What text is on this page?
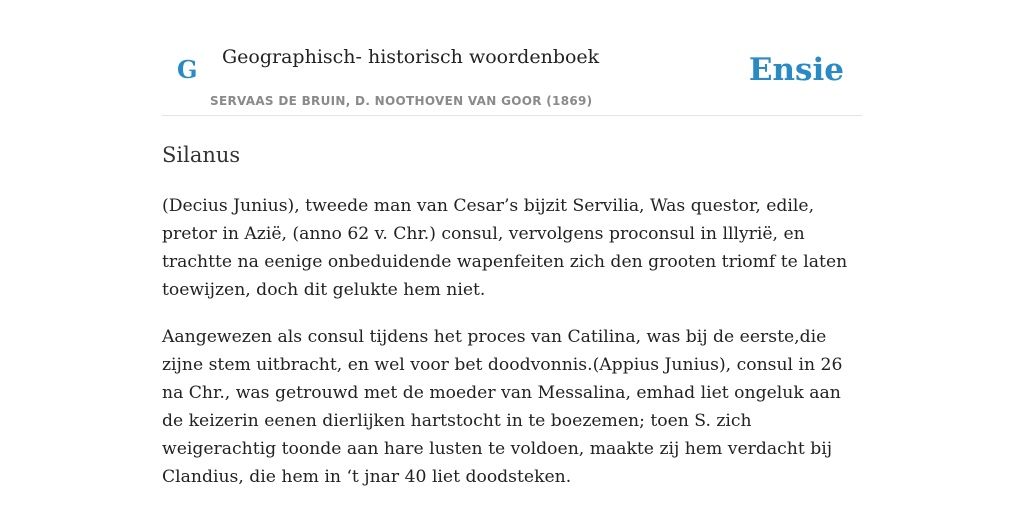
G Geographisch- historisch woordenboek
SERVAAS DE BRUIN, D. NOOTHOVEN VAN GOOR (1869)
Ensie
Silanus

(Decius Junius), tweede man van Cesar’s bijzit Servilia, Was questor, edile, pretor in Azië, (anno 62 v. Chr.) consul, vervolgens proconsul in lllyrië, en trachtte na eenige onbeduidende wapenfeiten zich den grooten triomf te laten toewijzen, doch dit gelukte hem niet.

Aangewezen als consul tijdens het proces van Catilina, was bij de eerste,die zijne stem uitbracht, en wel voor bet doodvonnis.(Appius Junius), consul in 26 na Chr., was getrouwd met de moeder van Messalina, emhad liet ongeluk aan de keizerin eenen dierlijken hartstocht in te boezemen; toen S. zich weigerachtig toonde aan hare lusten te voldoen, maakte zij hem verdacht bij Clandius, die hem in ‘t jnar 40 liet doodsteken.
